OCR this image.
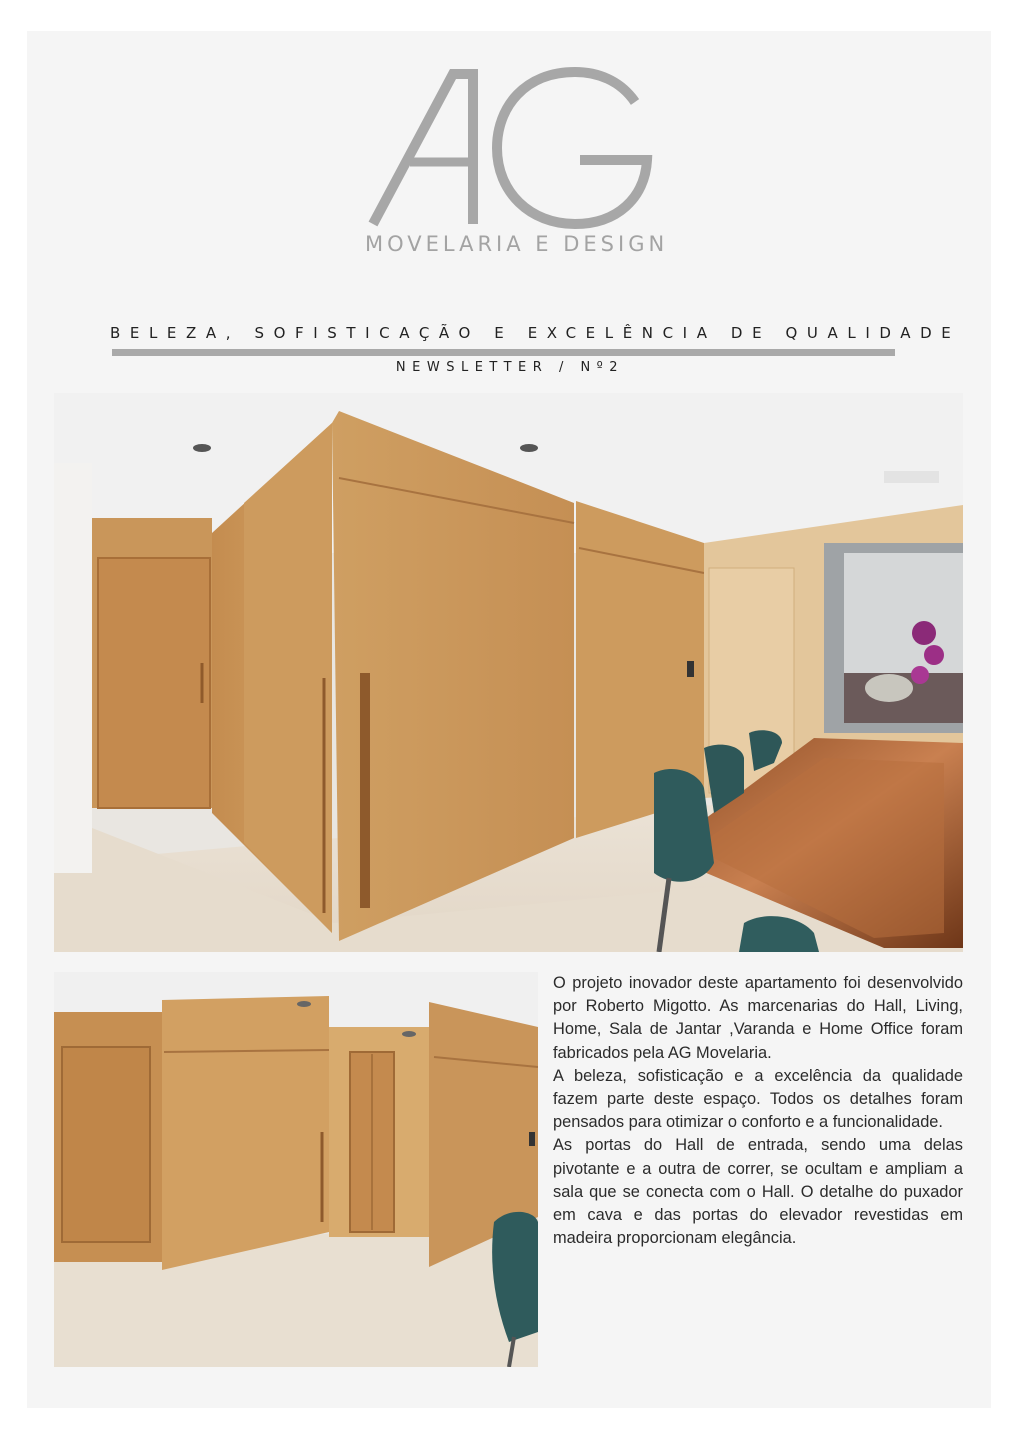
MOVELARIA E DESIGN
BELEZA, SOFISTICAÇÃO E EXCELÊNCIA DE QUALIDADE
NEWSLETTER / Nº2

O projeto inovador deste apartamento foi desenvolvido por Roberto Migotto. As marcenarias do Hall, Living, Home, Sala de Jantar ,Varanda e Home Office foram fabricados pela AG Movelaria.

A beleza, sofisticação e a excelência da qualidade fazem parte deste espaço. Todos os detalhes foram pensados para otimizar o conforto e a funcionalidade.

As portas do Hall de entrada, sendo uma delas pivotante e a outra de correr, se ocultam e ampliam a sala que se conecta com o Hall. O detalhe do puxador em cava e das portas do elevador revestidas em madeira proporcionam elegância.
